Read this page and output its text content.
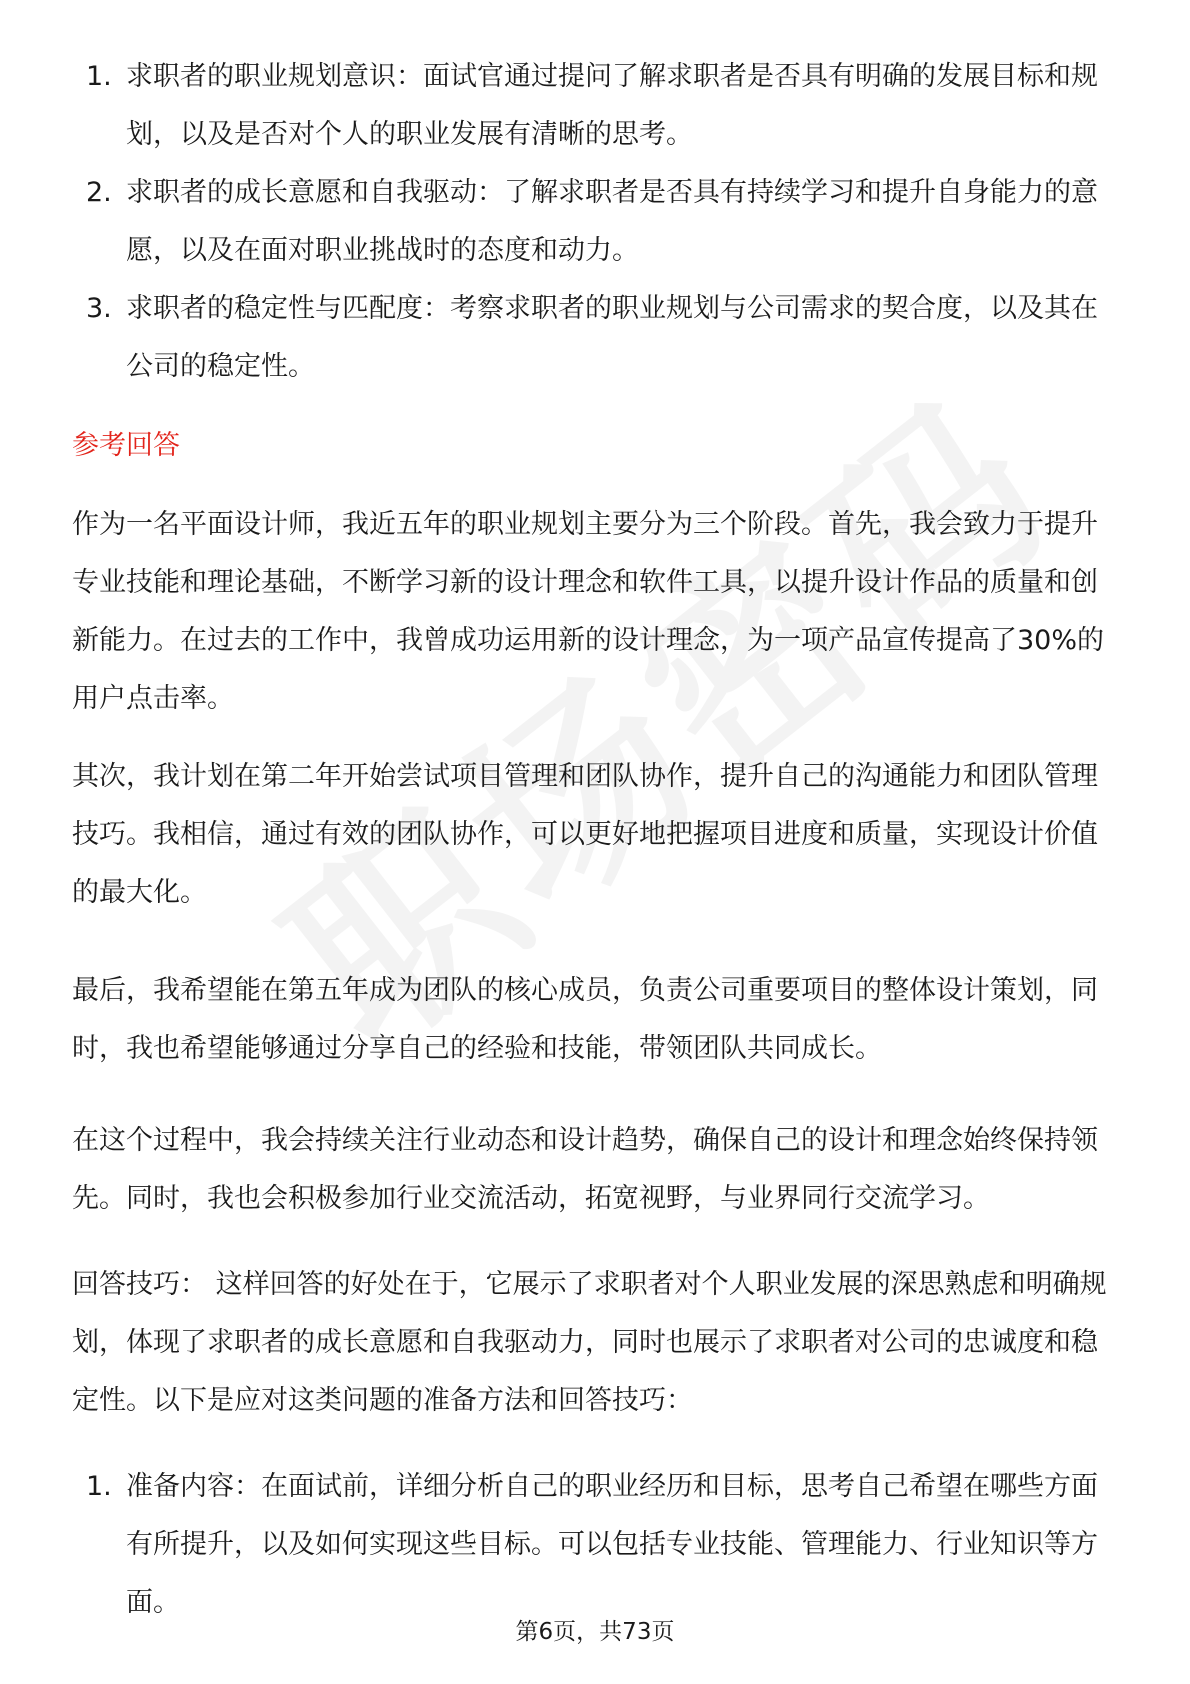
1. 求职者的职业规划意识：面试官通过提问了解求职者是否具有明确的发展目标和规划，以及是否对个人的职业发展有清晰的思考。
2. 求职者的成长意愿和自我驱动：了解求职者是否具有持续学习和提升自身能力的意愿，以及在面对职业挑战时的态度和动力。
3. 求职者的稳定性与匹配度：考察求职者的职业规划与公司需求的契合度，以及其在公司的稳定性。
参考回答

作为一名平面设计师，我近五年的职业规划主要分为三个阶段。首先，我会致力于提升专业技能和理论基础，不断学习新的设计理念和软件工具，以提升设计作品的质量和创新能力。在过去的工作中，我曾成功运用新的设计理念，为一项产品宣传提高了30%的用户点击率。

其次，我计划在第二年开始尝试项目管理和团队协作，提升自己的沟通能力和团队管理技巧。我相信，通过有效的团队协作，可以更好地把握项目进度和质量，实现设计价值的最大化。

最后，我希望能在第五年成为团队的核心成员，负责公司重要项目的整体设计策划，同时，我也希望能够通过分享自己的经验和技能，带领团队共同成长。

在这个过程中，我会持续关注行业动态和设计趋势，确保自己的设计和理念始终保持领先。同时，我也会积极参加行业交流活动，拓宽视野，与业界同行交流学习。

回答技巧： 这样回答的好处在于，它展示了求职者对个人职业发展的深思熟虑和明确规划，体现了求职者的成长意愿和自我驱动力，同时也展示了求职者对公司的忠诚度和稳定性。以下是应对这类问题的准备方法和回答技巧：

1. 准备内容：在面试前，详细分析自己的职业经历和目标，思考自己希望在哪些方面有所提升，以及如何实现这些目标。可以包括专业技能、管理能力、行业知识等方面。
第6页，共73页
